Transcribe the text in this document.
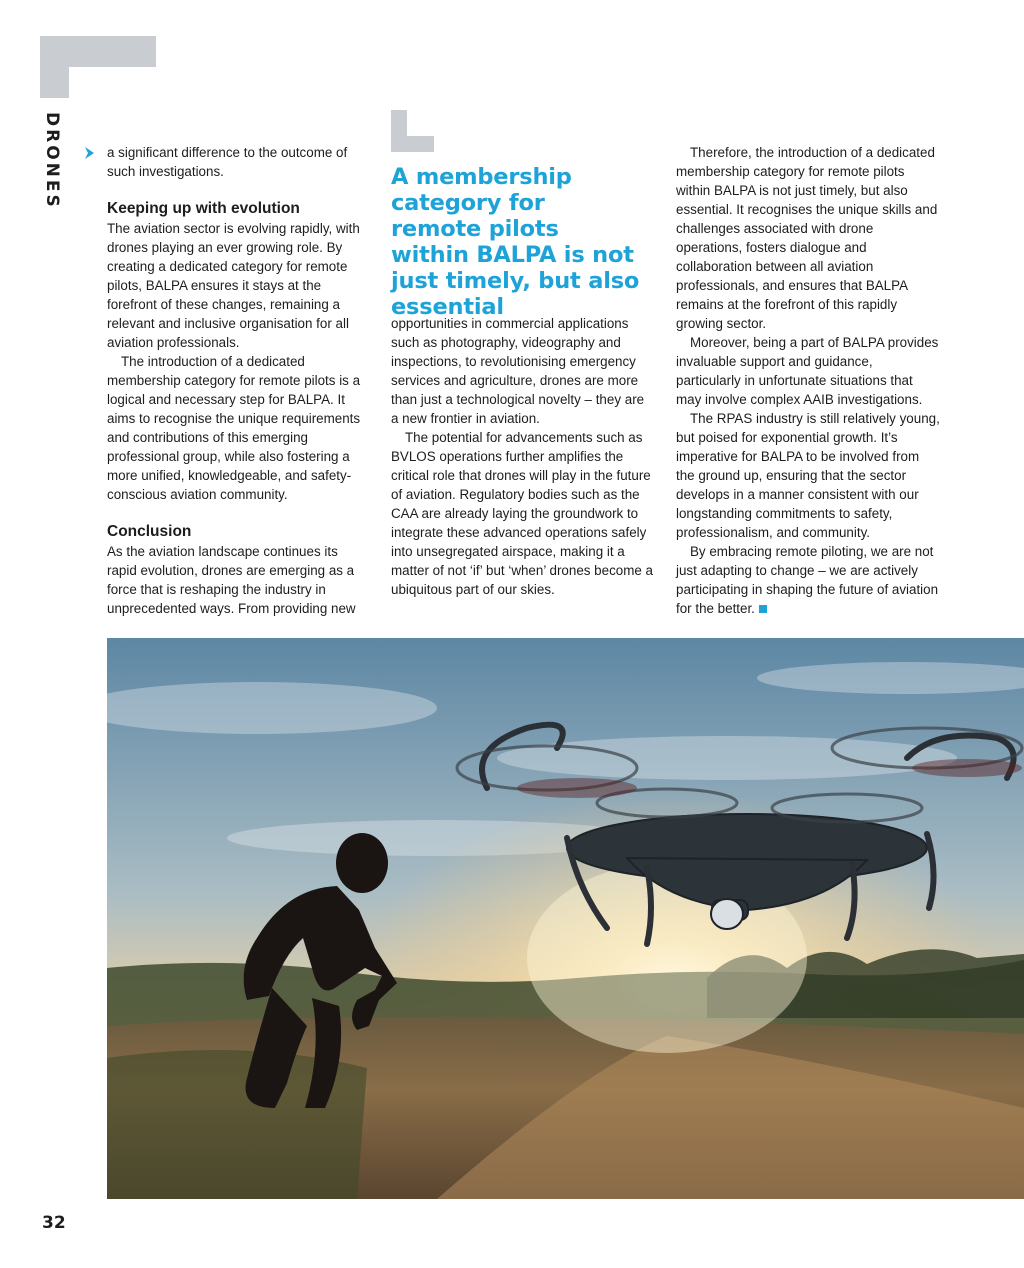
DRONES	a significant difference to the outcome of such investigations.

Keeping up with evolution

The aviation sector is evolving rapidly, with drones playing an ever growing role. By creating a dedicated category for remote pilots, BALPA ensures it stays at the forefront of these changes, remaining a relevant and inclusive organisation for all aviation professionals.

The introduction of a dedicated membership category for remote pilots is a logical and necessary step for BALPA. It aims to recognise the unique requirements and contributions of this emerging professional group, while also fostering a more unified, knowledgeable, and safety-conscious aviation community.

Conclusion

As the aviation landscape continues its rapid evolution, drones are emerging as a force that is reshaping the industry in unprecedented ways. From providing new

A membership category for remote pilots within BALPA is not just timely, but also essential

opportunities in commercial applications such as photography, videography and inspections, to revolutionising emergency services and agriculture, drones are more than just a technological novelty – they are a new frontier in aviation.

The potential for advancements such as BVLOS operations further amplifies the critical role that drones will play in the future of aviation. Regulatory bodies such as the CAA are already laying the groundwork to integrate these advanced operations safely into unsegregated airspace, making it a matter of not ‘if’ but ‘when’ drones become a ubiquitous part of our skies.

Therefore, the introduction of a dedicated membership category for remote pilots within BALPA is not just timely, but also essential. It recognises the unique skills and challenges associated with drone operations, fosters dialogue and collaboration between all aviation professionals, and ensures that BALPA remains at the forefront of this rapidly growing sector.

Moreover, being a part of BALPA provides invaluable support and guidance, particularly in unfortunate situations that may involve complex AAIB investigations.

The RPAS industry is still relatively young, but poised for exponential growth. It’s imperative for BALPA to be involved from the ground up, ensuring that the sector develops in a manner consistent with our longstanding commitments to safety, professionalism, and community.

By embracing remote piloting, we are not just adapting to change – we are actively participating in shaping the future of aviation for the better.

32
